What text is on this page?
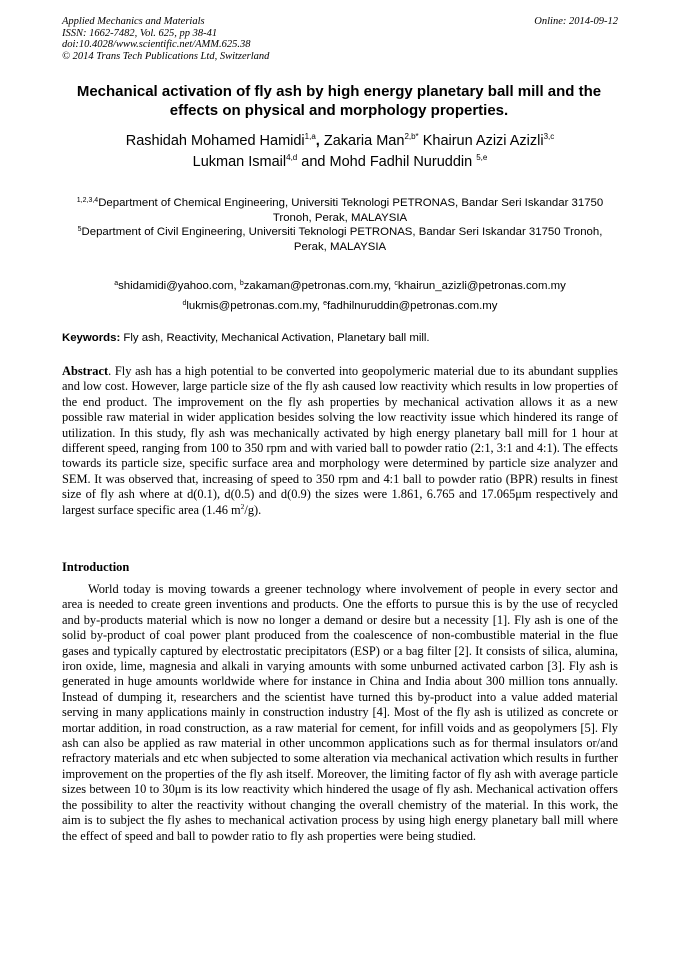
Applied Mechanics and Materials
ISSN: 1662-7482, Vol. 625, pp 38-41
doi:10.4028/www.scientific.net/AMM.625.38
© 2014 Trans Tech Publications Ltd, Switzerland
Online: 2014-09-12
Mechanical activation of fly ash by high energy planetary ball mill and the effects on physical and morphology properties.
Rashidah Mohamed Hamidi$^{1,a}$, Zakaria Man$^{2,b*}$ Khairun Azizi Azizli$^{3,c}$
Lukman Ismail$^{4,d}$ and Mohd Fadhil Nuruddin $^{5,e}$
$^{1,2,3,4}$Department of Chemical Engineering, Universiti Teknologi PETRONAS, Bandar Seri Iskandar 31750 Tronoh, Perak, MALAYSIA
$^5$Department of Civil Engineering, Universiti Teknologi PETRONAS, Bandar Seri Iskandar 31750 Tronoh, Perak, MALAYSIA
$^a$shidamidi@yahoo.com, $^b$zakaman@petronas.com.my, $^c$khairun_azizli@petronas.com.my
$^d$lukmis@petronas.com.my, $^e$fadhilnuruddin@petronas.com.my
Keywords: Fly ash, Reactivity, Mechanical Activation, Planetary ball mill.
Abstract. Fly ash has a high potential to be converted into geopolymeric material due to its abundant supplies and low cost. However, large particle size of the fly ash caused low reactivity which results in low properties of the end product. The improvement on the fly ash properties by mechanical activation allows it as a new possible raw material in wider application besides solving the low reactivity issue which hindered its range of utilization. In this study, fly ash was mechanically activated by high energy planetary ball mill for 1 hour at different speed, ranging from 100 to 350 rpm and with varied ball to powder ratio (2:1, 3:1 and 4:1). The effects towards its particle size, specific surface area and morphology were determined by particle size analyzer and SEM. It was observed that, increasing of speed to 350 rpm and 4:1 ball to powder ratio (BPR) results in finest size of fly ash where at d(0.1), d(0.5) and d(0.9) the sizes were 1.861, 6.765 and 17.065μm respectively and largest surface specific area (1.46 $m^2/g$).
Introduction
World today is moving towards a greener technology where involvement of people in every sector and area is needed to create green inventions and products. One the efforts to pursue this is by the use of recycled and by-products material which is now no longer a demand or desire but a necessity [1]. Fly ash is one of the solid by-product of coal power plant produced from the coalescence of non-combustible material in the flue gases and typically captured by electrostatic precipitators (ESP) or a bag filter [2]. It consists of silica, alumina, iron oxide, lime, magnesia and alkali in varying amounts with some unburned activated carbon [3]. Fly ash is generated in huge amounts worldwide where for instance in China and India about 300 million tons annually. Instead of dumping it, researchers and the scientist have turned this by-product into a value added material serving in many applications mainly in construction industry [4]. Most of the fly ash is utilized as concrete or mortar addition, in road construction, as a raw material for cement, for infill voids and as geopolymers [5]. Fly ash can also be applied as raw material in other uncommon applications such as for thermal insulators or/and refractory materials and etc when subjected to some alteration via mechanical activation which results in further improvement on the properties of the fly ash itself. Moreover, the limiting factor of fly ash with average particle sizes between 10 to 30μm is its low reactivity which hindered the usage of fly ash. Mechanical activation offers the possibility to alter the reactivity without changing the overall chemistry of the material. In this work, the aim is to subject the fly ashes to mechanical activation process by using high energy planetary ball mill where the effect of speed and ball to powder ratio to fly ash properties were being studied.
